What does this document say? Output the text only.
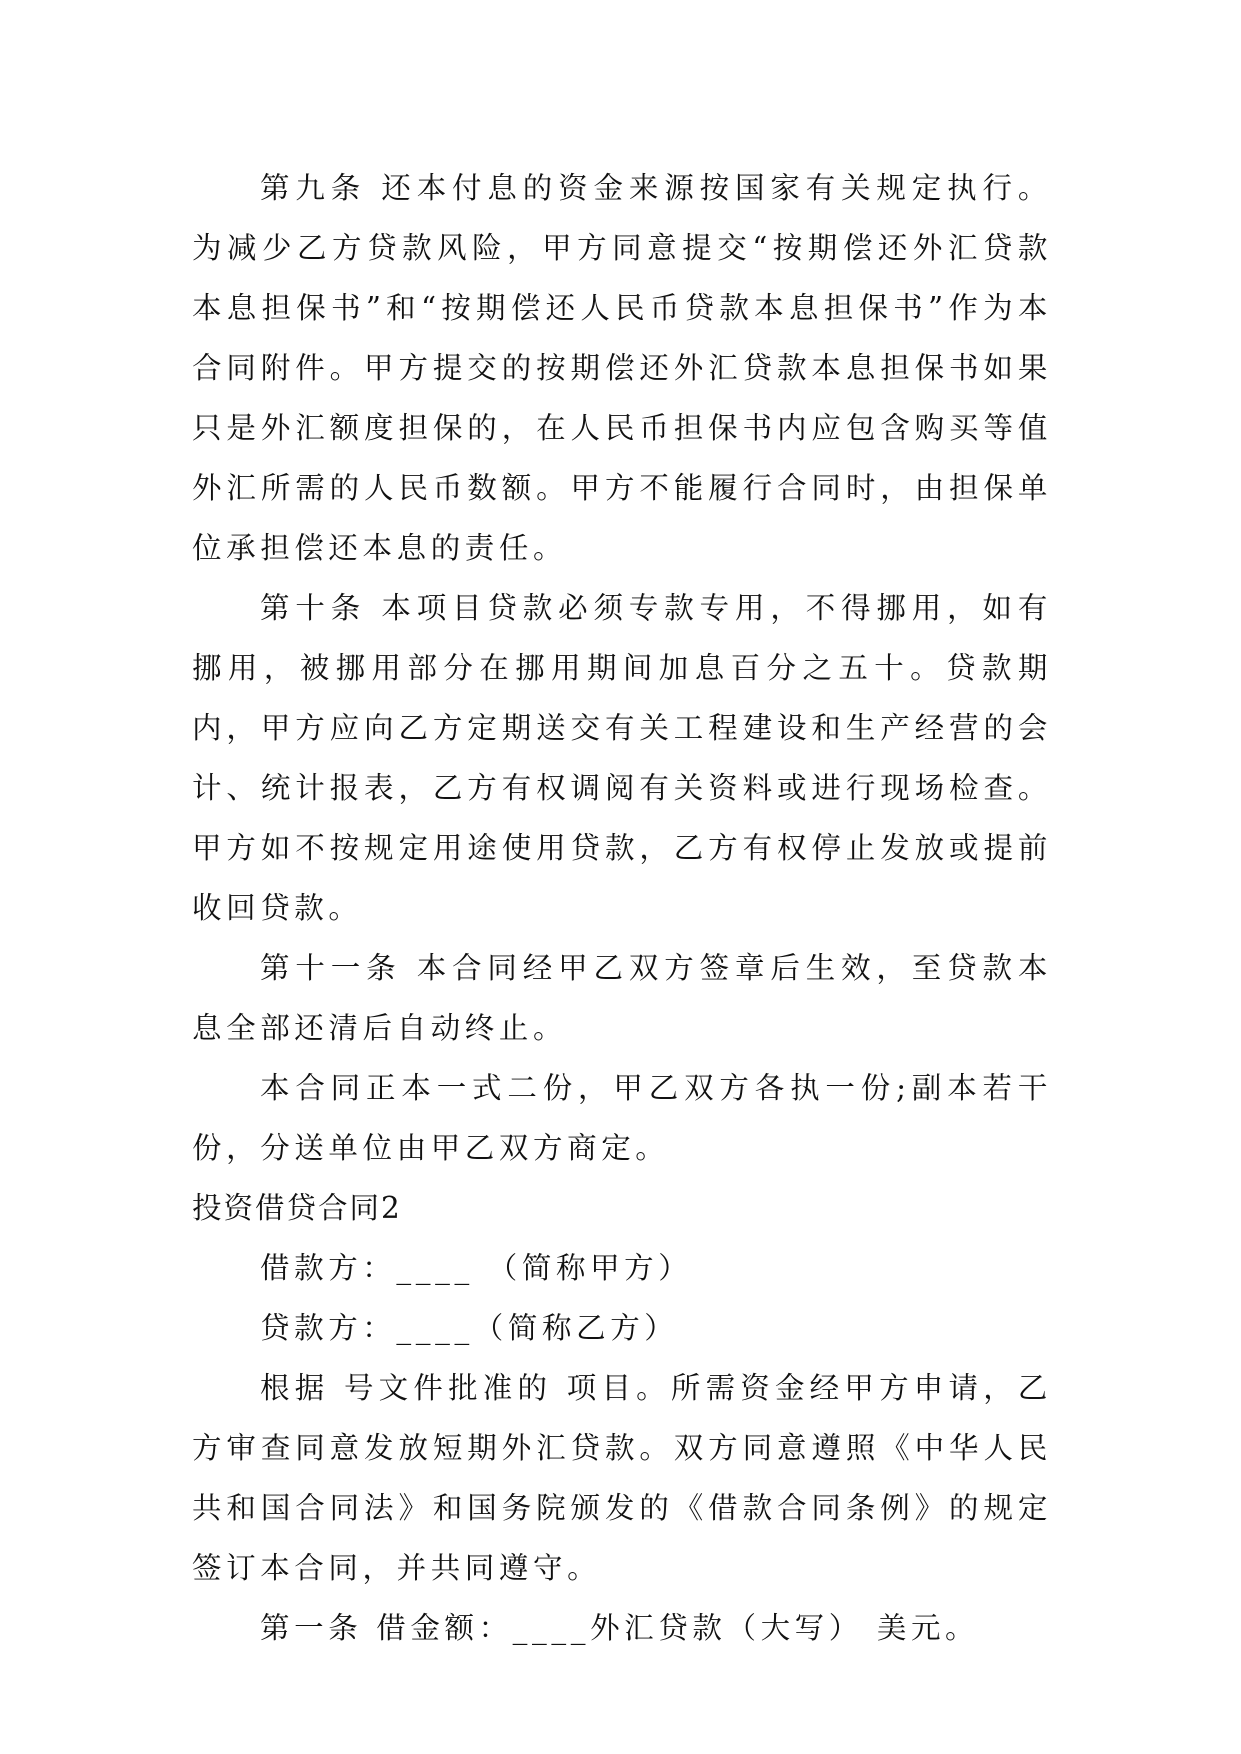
第九条 还本付息的资金来源按国家有关规定执行。为减少乙方贷款风险，甲方同意提交“按期偿还外汇贷款本息担保书”和“按期偿还人民币贷款本息担保书”作为本合同附件。甲方提交的按期偿还外汇贷款本息担保书如果只是外汇额度担保的，在人民币担保书内应包含购买等值外汇所需的人民币数额。甲方不能履行合同时，由担保单位承担偿还本息的责任。

第十条 本项目贷款必须专款专用，不得挪用，如有挪用，被挪用部分在挪用期间加息百分之五十。贷款期内，甲方应向乙方定期送交有关工程建设和生产经营的会计、统计报表，乙方有权调阅有关资料或进行现场检查。甲方如不按规定用途使用贷款，乙方有权停止发放或提前收回贷款。

第十一条 本合同经甲乙双方签章后生效，至贷款本息全部还清后自动终止。

本合同正本一式二份，甲乙双方各执一份;副本若干份，分送单位由甲乙双方商定。

投资借贷合同2

借款方：____ （简称甲方）

贷款方：____（简称乙方）

根据 号文件批准的 项目。所需资金经甲方申请，乙方审查同意发放短期外汇贷款。双方同意遵照《中华人民共和国合同法》和国务院颁发的《借款合同条例》的规定签订本合同，并共同遵守。

第一条 借金额：____外汇贷款（大写） 美元。
